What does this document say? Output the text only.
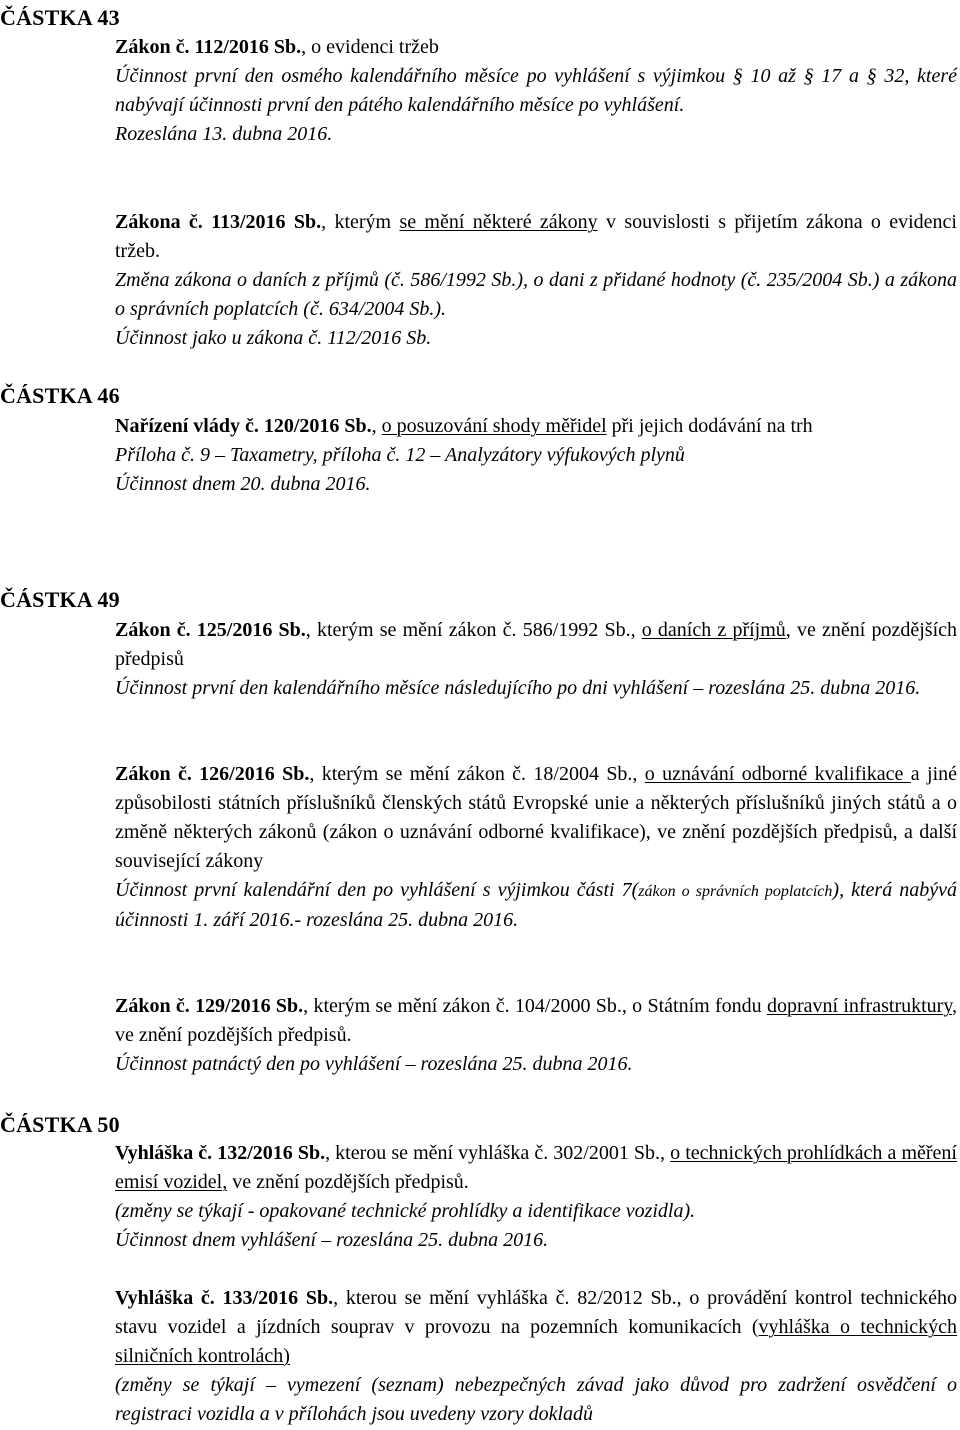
ČÁSTKA 43
Zákon č. 112/2016 Sb., o evidenci tržeb
Účinnost první den osmého kalendářního měsíce po vyhlášení s výjimkou § 10 až § 17 a § 32, které nabývají účinnosti první den pátého kalendářního měsíce po vyhlášení.
Rozeslána 13. dubna 2016.
Zákona č. 113/2016 Sb., kterým se mění některé zákony v souvislosti s přijetím zákona o evidenci tržeb.
Změna zákona o daních z příjmů (č. 586/1992 Sb.), o dani z přidané hodnoty (č. 235/2004 Sb.) a zákona o správních poplatcích (č. 634/2004 Sb.).
Účinnost jako u zákona č. 112/2016 Sb.
ČÁSTKA 46
Nařízení vlády č. 120/2016 Sb., o posuzování shody měřidel při jejich dodávání na trh
Příloha č. 9 – Taxametry, příloha č. 12 – Analyzátory výfukových plynů
Účinnost dnem 20. dubna 2016.
ČÁSTKA 49
Zákon č. 125/2016 Sb., kterým se mění zákon č. 586/1992 Sb., o daních z příjmů, ve znění pozdějších předpisů
Účinnost první den kalendářního měsíce následujícího po dni vyhlášení – rozeslána 25. dubna 2016.
Zákon č. 126/2016 Sb., kterým se mění zákon č. 18/2004 Sb., o uznávání odborné kvalifikace a jiné způsobilosti státních příslušníků členských států Evropské unie a některých příslušníků jiných států a o změně některých zákonů (zákon o uznávání odborné kvalifikace), ve znění pozdějších předpisů, a další související zákony
Účinnost první kalendářní den po vyhlášení s výjimkou části 7(zákon o správních poplatcích), která nabývá účinnosti 1. září 2016.- rozeslána 25. dubna 2016.
Zákon č. 129/2016 Sb., kterým se mění zákon č. 104/2000 Sb., o Státním fondu dopravní infrastruktury, ve znění pozdějších předpisů.
Účinnost patnáctý den po vyhlášení – rozeslána 25. dubna 2016.
ČÁSTKA 50
Vyhláška č. 132/2016 Sb., kterou se mění vyhláška č. 302/2001 Sb., o technických prohlídkách a měření emisí vozidel, ve znění pozdějších předpisů.
(změny se týkají - opakované technické prohlídky a identifikace vozidla).
Účinnost dnem vyhlášení – rozeslána 25. dubna 2016.
Vyhláška č. 133/2016 Sb., kterou se mění vyhláška č. 82/2012 Sb., o provádění kontrol technického stavu vozidel a jízdních souprav v provozu na pozemních komunikacích (vyhláška o technických silničních kontrolách)
(změny se týkají – vymezení (seznam) nebezpečných závad jako důvod pro zadržení osvědčení o registraci vozidla a v přílohách jsou uvedeny vzory dokladů
